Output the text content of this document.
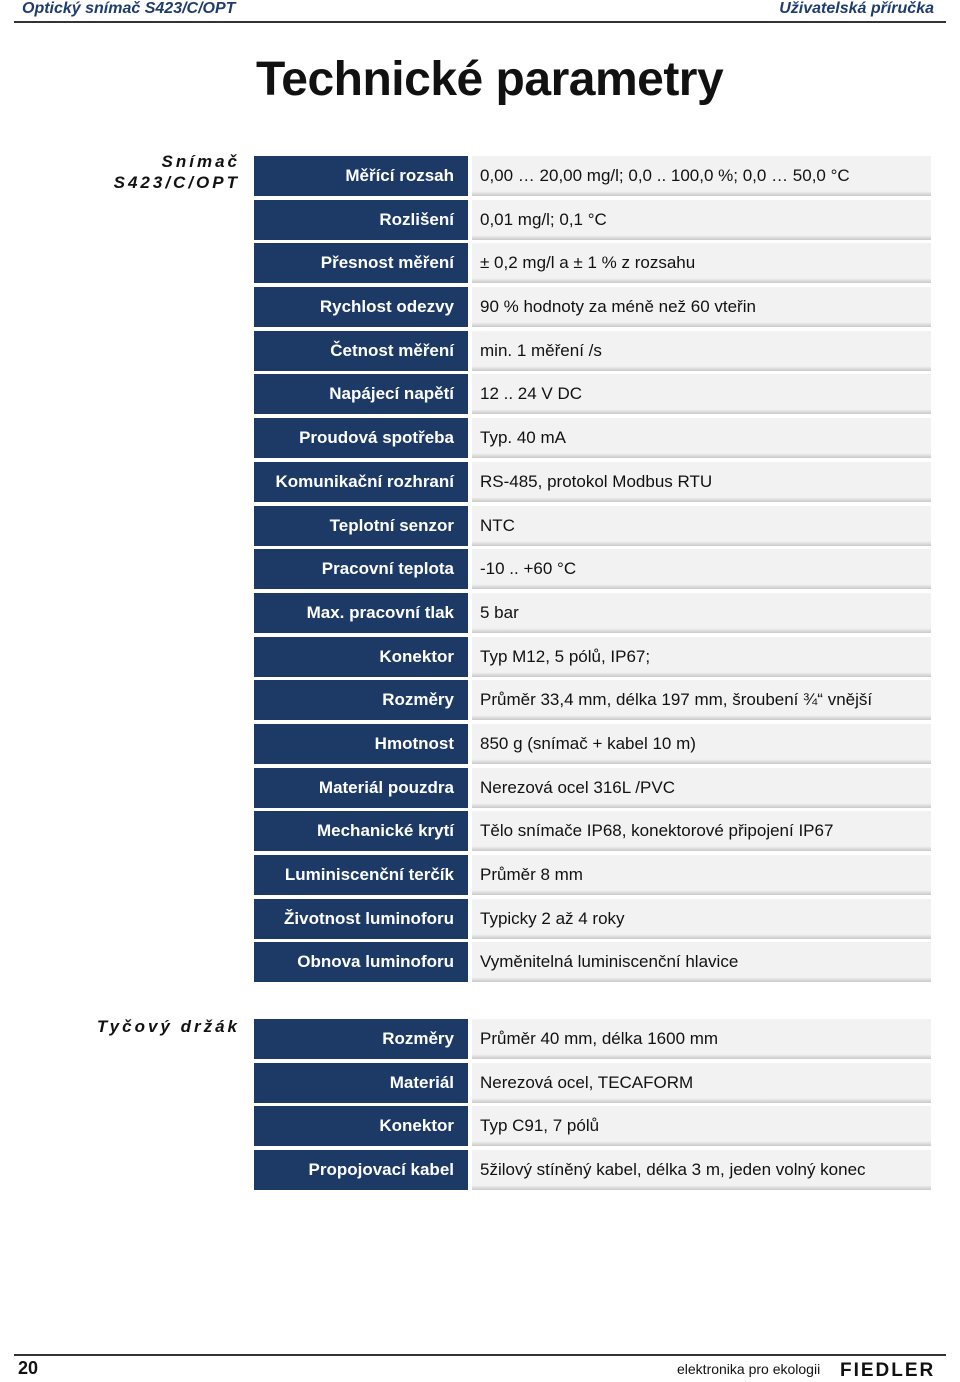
Optický snímač S423/C/OPT	Uživatelská příručka
Technické parametry
Snímač
S423/C/OPT	Měřící rozsah	0,00 … 20,00 mg/l; 0,0 .. 100,0 %; 0,0 … 50,0 °C
Rozlišení	0,01 mg/l; 0,1 °C
Přesnost měření	± 0,2 mg/l a ± 1 % z rozsahu
Rychlost odezvy	90 % hodnoty za méně než 60 vteřin
Četnost měření	min. 1 měření /s
Napájecí napětí	12 .. 24 V DC
Proudová spotřeba	Typ. 40 mA
Komunikační rozhraní	RS-485, protokol Modbus RTU
Teplotní senzor	NTC
Pracovní teplota	-10 .. +60 °C
Max. pracovní tlak	5 bar
Konektor	Typ M12, 5 pólů, IP67;
Rozměry	Průměr 33,4 mm, délka 197 mm, šroubení ¾“ vnější
Hmotnost	850 g (snímač + kabel 10 m)
Materiál pouzdra	Nerezová ocel 316L /PVC
Mechanické krytí	Tělo snímače IP68, konektorové připojení IP67
Luminiscenční terčík	Průměr 8 mm
Životnost luminoforu	Typicky 2 až 4 roky
Obnova luminoforu	Vyměnitelná luminiscenční hlavice
Tyčový držák
Rozměry	Průměr 40 mm, délka 1600 mm
Materiál	Nerezová ocel, TECAFORM
Konektor	Typ C91, 7 pólů
Propojovací kabel	5žilový stíněný kabel, délka 3 m, jeden volný konec
20	elektronika pro ekologii FIEDLER
